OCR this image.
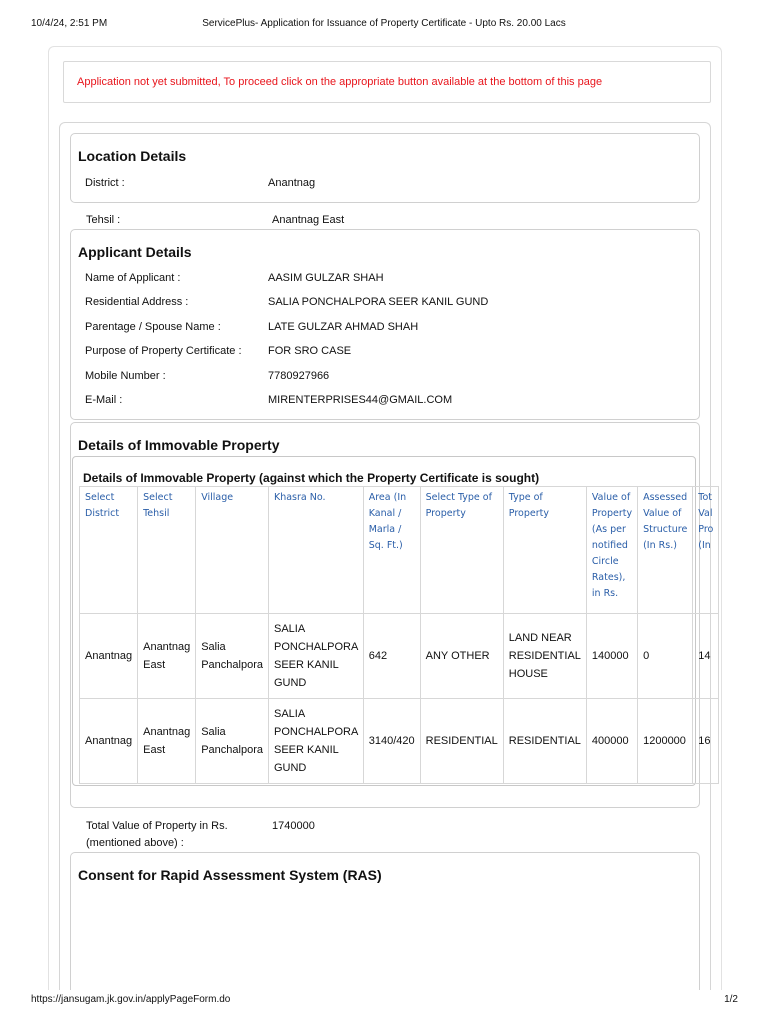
10/4/24, 2:51 PM	ServicePlus- Application for Issuance of Property Certificate - Upto Rs. 20.00 Lacs
Application not yet submitted, To proceed click on the appropriate button available at the bottom of this page
Location Details
District :	Anantnag
Tehsil :	Anantnag East
Applicant Details
Name of Applicant :	AASIM GULZAR SHAH
Residential Address :	SALIA PONCHALPORA SEER KANIL GUND
Parentage / Spouse Name :	LATE GULZAR AHMAD SHAH
Purpose of Property Certificate : FOR SRO CASE
Mobile Number :	7780927966
E-Mail :	MIRENTERPRISES44@GMAIL.COM
Details of Immovable Property
Details of Immovable Property (against which the Property Certificate is sought)
Select District	Select Tehsil	Village	Khasra No.	Area (In Kanal / Marla / Sq. Ft.)	Select Type of Property	Type of Property	Value of Property (As per notified Circle Rates), in Rs.	Assessed Value of Structure (In Rs.)	Tot Val Pro (In
Anantnag	Anantnag East	Salia Panchalpora	SALIA PONCHALPORA SEER KANIL GUND	642	ANY OTHER	LAND NEAR RESIDENTIAL HOUSE	140000	0	14
Anantnag	Anantnag East	Salia Panchalpora	SALIA PONCHALPORA SEER KANIL GUND	3140/420	RESIDENTIAL	RESIDENTIAL	400000	1200000	16
Total Value of Property in Rs. (mentioned above) :
1740000
Consent for Rapid Assessment System (RAS)
https://jansugam.jk.gov.in/applyPageForm.do	1/2
